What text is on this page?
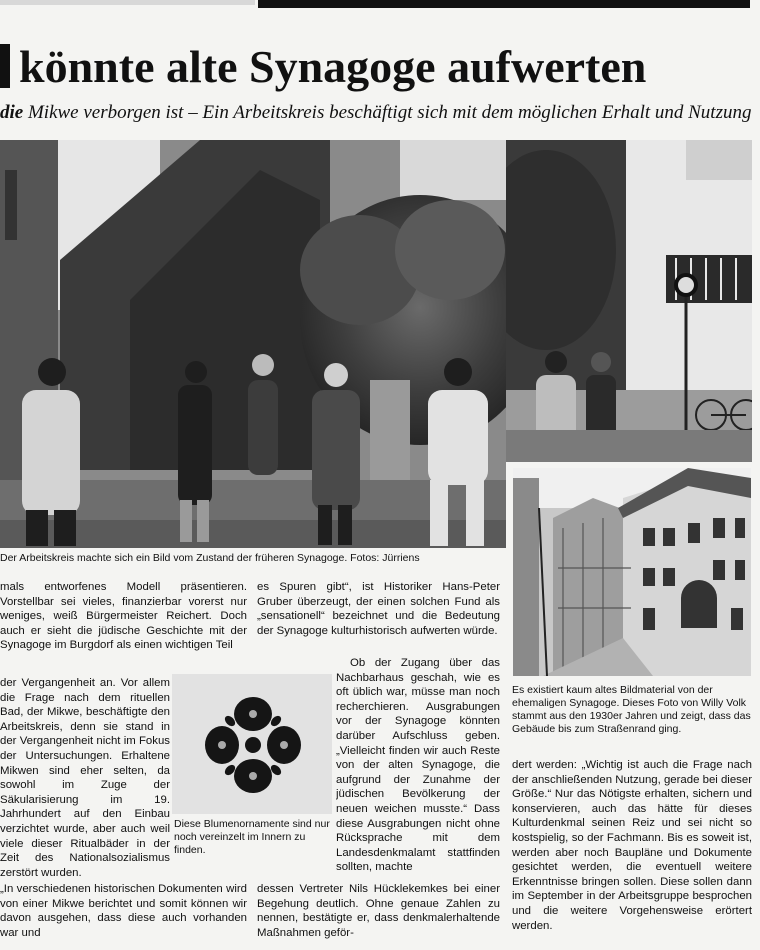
könnte alte Synagoge aufwerten
die Mikwe verborgen ist – Ein Arbeitskreis beschäftigt sich mit dem möglichen Erhalt und Nutzung
Der Arbeitskreis machte sich ein Bild vom Zustand der früheren Synagoge. Fotos: Jürriens
Es existiert kaum altes Bildmaterial von der ehemaligen Synagoge. Dieses Foto von Willy Volk stammt aus den 1930er Jahren und zeigt, dass das Gebäude bis zum Straßenrand ging.

mals entworfenes Modell präsentieren. Vorstellbar sei vieles, finanzierbar vorerst nur weniges, weiß Bürgermeister Reichert. Doch auch er sieht die jüdische Geschichte mit der Synagoge im Burgdorf als einen wichtigen Teil

der Vergangenheit an. Vor allem die Frage nach dem rituellen Bad, der Mikwe, beschäftigte den Arbeitskreis, denn sie stand in der Vergangenheit nicht im Fokus der Untersuchungen. Erhaltene Mikwen sind eher selten, da sowohl im Zuge der Säkularisierung im 19. Jahrhundert auf den Einbau verzichtet wurde, aber auch weil viele dieser Ritualbäder in der Zeit des Nationalsozialismus zerstört wurden.

„In verschiedenen historischen Dokumenten wird von einer Mikwe berichtet und somit können wir davon ausgehen, dass diese auch vorhanden war und

Diese Blumenornamente sind nur noch vereinzelt im Innern zu finden.

es Spuren gibt“, ist Historiker Hans-Peter Gruber überzeugt, der einen solchen Fund als „sensationell“ bezeichnet und die Bedeutung der Synagoge kulturhistorisch aufwerten würde.

Ob der Zugang über das Nachbarhaus geschah, wie es oft üblich war, müsse man noch recherchieren. Ausgrabungen vor der Synagoge könnten darüber Aufschluss geben. „Vielleicht finden wir auch Reste von der alten Synagoge, die aufgrund der Zunahme der jüdischen Bevölkerung der neuen weichen musste.“ Dass diese Ausgrabungen nicht ohne Rücksprache mit dem Landesdenkmalamt stattfinden sollten, machte

dessen Vertreter Nils Hücklekemkes bei einer Begehung deutlich. Ohne genaue Zahlen zu nennen, bestätigte er, dass denkmalerhaltende Maßnahmen geför-

dert werden: „Wichtig ist auch die Frage nach der anschließenden Nutzung, gerade bei dieser Größe.“ Nur das Nötigste erhalten, sichern und konservieren, auch das hätte für dieses Kulturdenkmal seinen Reiz und sei nicht so kostspielig, so der Fachmann. Bis es soweit ist, werden aber noch Baupläne und Dokumente gesichtet werden, die eventuell weitere Erkenntnisse bringen sollen. Diese sollen dann im September in der Arbeitsgruppe besprochen und die weitere Vorgehensweise erörtert werden.
